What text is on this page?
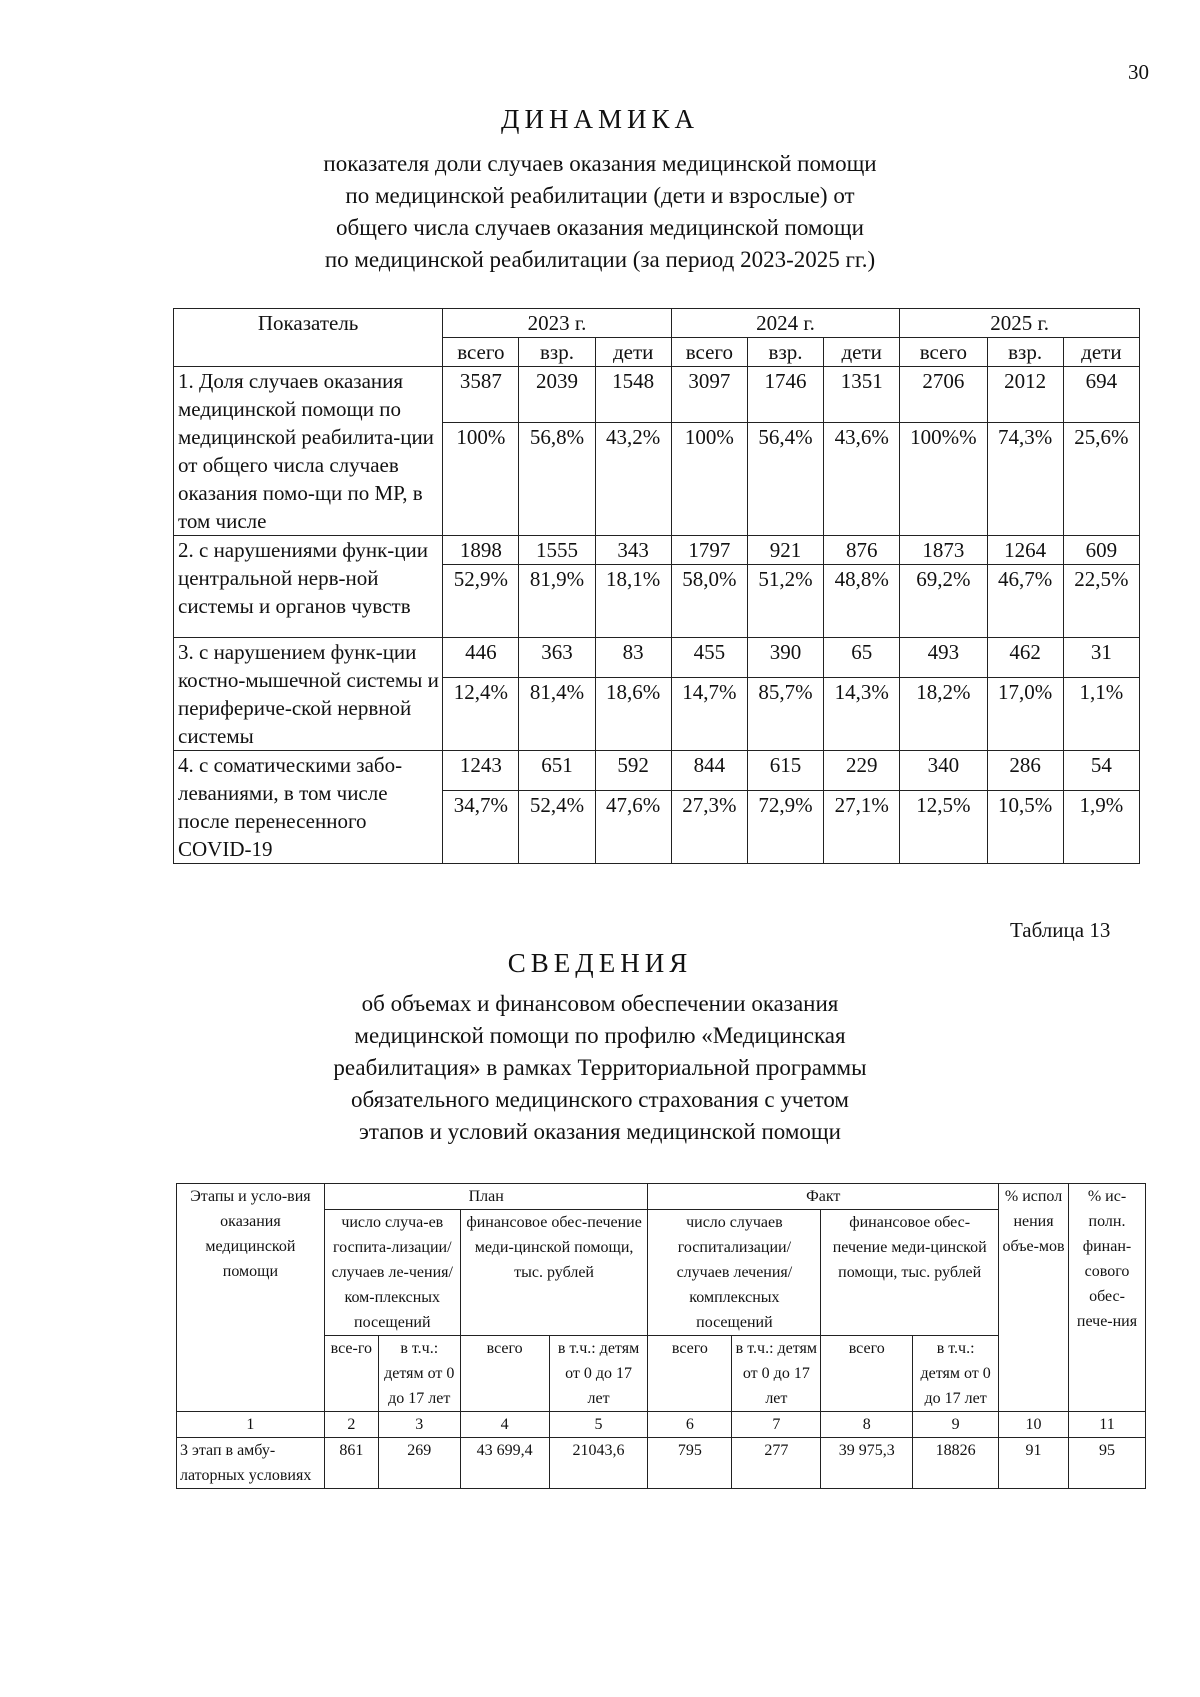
30
ДИНАМИКА
показателя доли случаев оказания медицинской помощи
по медицинской реабилитации (дети и взрослые) от
общего числа случаев оказания медицинской помощи
по медицинской реабилитации (за период 2023-2025 гг.)
Показатель	2023 г.			2024 г.			2025 г.		
	всего	взр.	дети	всего	взр.	дети	всего	взр.	дети
1. Доля случаев оказания медицинской помощи по медицинской реабилита-ции от общего числа случаев оказания помо-щи по МР, в том числе	3587	2039	1548	3097	1746	1351	2706	2012	694
	100%	56,8%	43,2%	100%	56,4%	43,6%	100%%	74,3%	25,6%
2. с нарушениями функ-ции центральной нерв-ной системы и органов чувств	1898	1555	343	1797	921	876	1873	1264	609
	52,9%	81,9%	18,1%	58,0%	51,2%	48,8%	69,2%	46,7%	22,5%
3. с нарушением функ-ции костно-мышечной системы и перифериче-ской нервной системы	446	363	83	455	390	65	493	462	31
	12,4%	81,4%	18,6%	14,7%	85,7%	14,3%	18,2%	17,0%	1,1%
4. с соматическими забо-леваниями, в том числе после перенесенного COVID-19	1243	651	592	844	615	229	340	286	54
	34,7%	52,4%	47,6%	27,3%	72,9%	27,1%	12,5%	10,5%	1,9%
Таблица 13
СВЕДЕНИЯ
об объемах и финансовом обеспечении оказания
медицинской помощи по профилю «Медицинская
реабилитация» в рамках Территориальной программы
обязательного медицинского страхования с учетом
этапов и условий оказания медицинской помощи
Этапы и усло-вия оказания медицинской помощи	План				Факт				% испол нения объе-мов	% ис-полн. финан-сового обес-пече-ния
	число случа-ев госпита-лизации/ случаев ле-чения/ ком-плексных посещений		финансовое обес-печение меди-цинской помощи, тыс. рублей		число случаев госпитализации/ случаев лечения/ комплексных посещений		финансовое обес-печение меди-цинской помощи, тыс. рублей			
	все-го	в т.ч.: детям от 0 до 17 лет	всего	в т.ч.: детям от 0 до 17 лет	всего	в т.ч.: детям от 0 до 17 лет	всего	в т.ч.: детям от 0 до 17 лет		
1	2	3	4	5	6	7	8	9	10	11
3 этап в амбу-латорных условиях	861	269	43 699,4	21043,6	795	277	39 975,3	18826	91	95
